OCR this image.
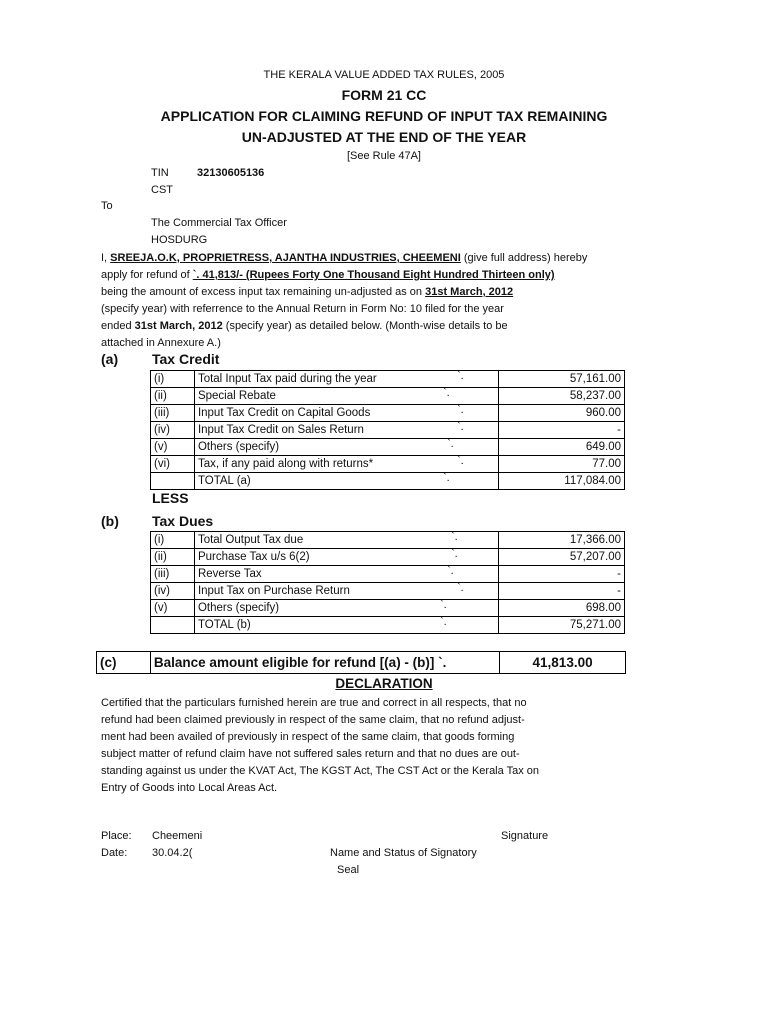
THE KERALA VALUE ADDED TAX RULES, 2005
FORM 21 CC
APPLICATION FOR CLAIMING REFUND OF INPUT TAX REMAINING
UN-ADJUSTED AT THE END OF THE YEAR
[See Rule 47A]
TIN	32130605136
CST
To
The Commercial Tax Officer
HOSDURG
I, SREEJA.O.K, PROPRIETRESS, AJANTHA INDUSTRIES, CHEEMENI (give full address) hereby
apply for refund of `. 41,813/- (Rupees Forty One Thousand Eight Hundred Thirteen only)
being the amount of excess input tax remaining un-adjusted as on 31st March, 2012
(specify year) with referrence to the Annual Return in Form No: 10 filed for the year
ended 31st March, 2012 (specify year) as detailed below. (Month-wise details to be
attached in Annexure A.)
(a) Tax Credit
(i)	Total Input Tax paid during the year `.	57,161.00
(ii)	Special Rebate `.	58,237.00
(iii)	Input Tax Credit on Capital Goods `.	960.00
(iv)	Input Tax Credit on Sales Return `.	-
(v)	Others (specify) `.	649.00
(vi)	Tax, if any paid along with returns* `.	77.00
	TOTAL (a) `.	117,084.00
LESS
(b) Tax Dues
(i)	Total Output Tax due `.	17,366.00
(ii)	Purchase Tax u/s 6(2) `.	57,207.00
(iii)	Reverse Tax `.	-
(iv)	Input Tax on Purchase Return `.	-
(v)	Others (specify) `.	698.00
	TOTAL (b) `.	75,271.00
(c)	Balance amount eligible for refund [(a) - (b)] `.	41,813.00
DECLARATION
Certified that the particulars furnished herein are true and correct in all respects, that no
refund had been claimed previously in respect of the same claim, that no refund adjust-
ment had been availed of previously in respect of the same claim, that goods forming
subject matter of refund claim have not suffered sales return and that no dues are out-
standing against us under the KVAT Act, The KGST Act, The CST Act or the Kerala Tax on
Entry of Goods into Local Areas Act.
Place: Cheemeni	Signature
Date: 30.04.2(	Name and Status of Signatory
Seal
